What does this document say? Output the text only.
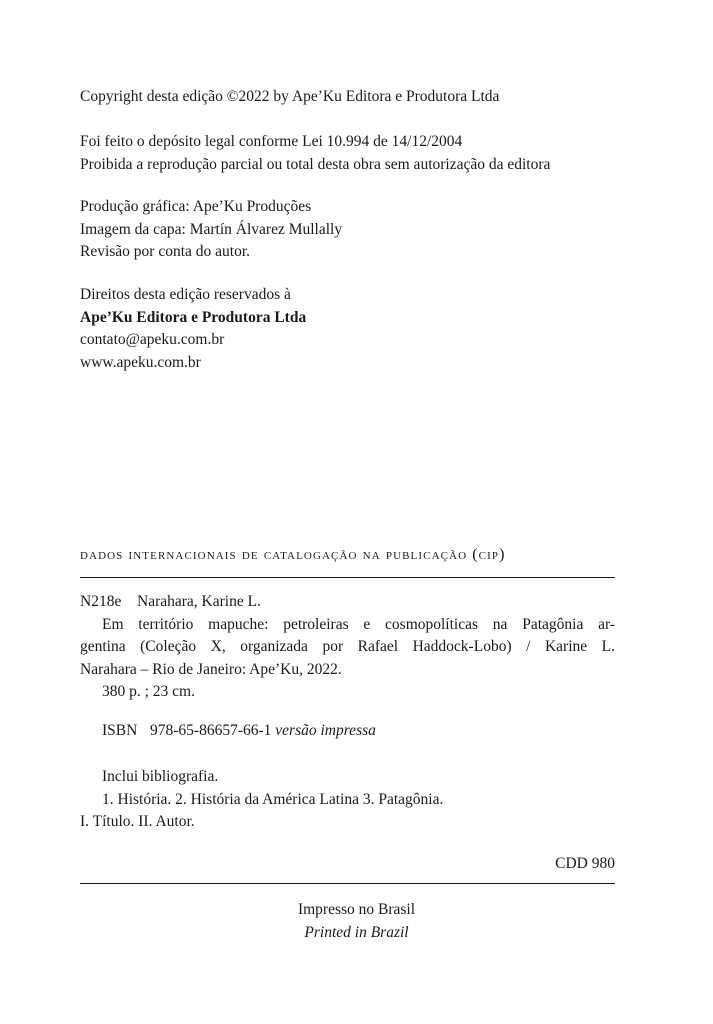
Copyright desta edição ©2022 by Ape’Ku Editora e Produtora Ltda
Foi feito o depósito legal conforme Lei 10.994 de 14/12/2004
Proibida a reprodução parcial ou total desta obra sem autorização da editora
Produção gráfica: Ape’Ku Produções
Imagem da capa: Martín Álvarez Mullally
Revisão por conta do autor.
Direitos desta edição reservados à
Ape’Ku Editora e Produtora Ltda
contato@apeku.com.br
www.apeku.com.br
dados internacionais de catalogação na publicação (cip)
N218e Narahara, Karine L.
Em território mapuche: petroleiras e cosmopolíticas na Patagônia ar-
gentina (Coleção X, organizada por Rafael Haddock-Lobo) / Karine L.
Narahara – Rio de Janeiro: Ape’Ku, 2022.
380 p. ; 23 cm.
ISBN 978-65-86657-66-1 versão impressa
Inclui bibliografia.
1. História. 2. História da América Latina 3. Patagônia.
I. Título. II. Autor.
CDD 980
Impresso no Brasil
Printed in Brazil
